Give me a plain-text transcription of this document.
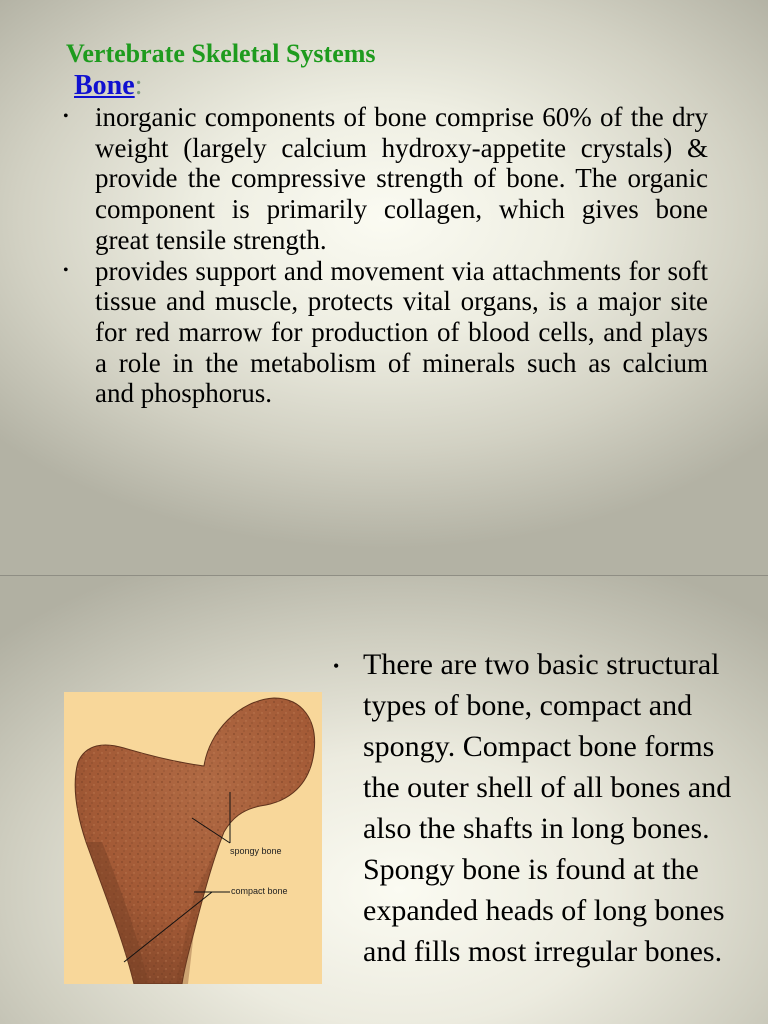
Vertebrate Skeletal Systems
Bone:
• inorganic components of bone comprise 60% of the dry weight (largely calcium hydroxy-appetite crystals) & provide the compressive strength of bone. The organic component is primarily collagen, which gives bone great tensile strength.
• provides support and movement via attachments for soft tissue and muscle, protects vital organs, is a major site for red marrow for production of blood cells, and plays a role in the metabolism of minerals such as calcium and phosphorus.
spongy bone
compact bone
• There are two basic structural types of bone, compact and spongy. Compact bone forms the outer shell of all bones and also the shafts in long bones. Spongy bone is found at the expanded heads of long bones and fills most irregular bones.
